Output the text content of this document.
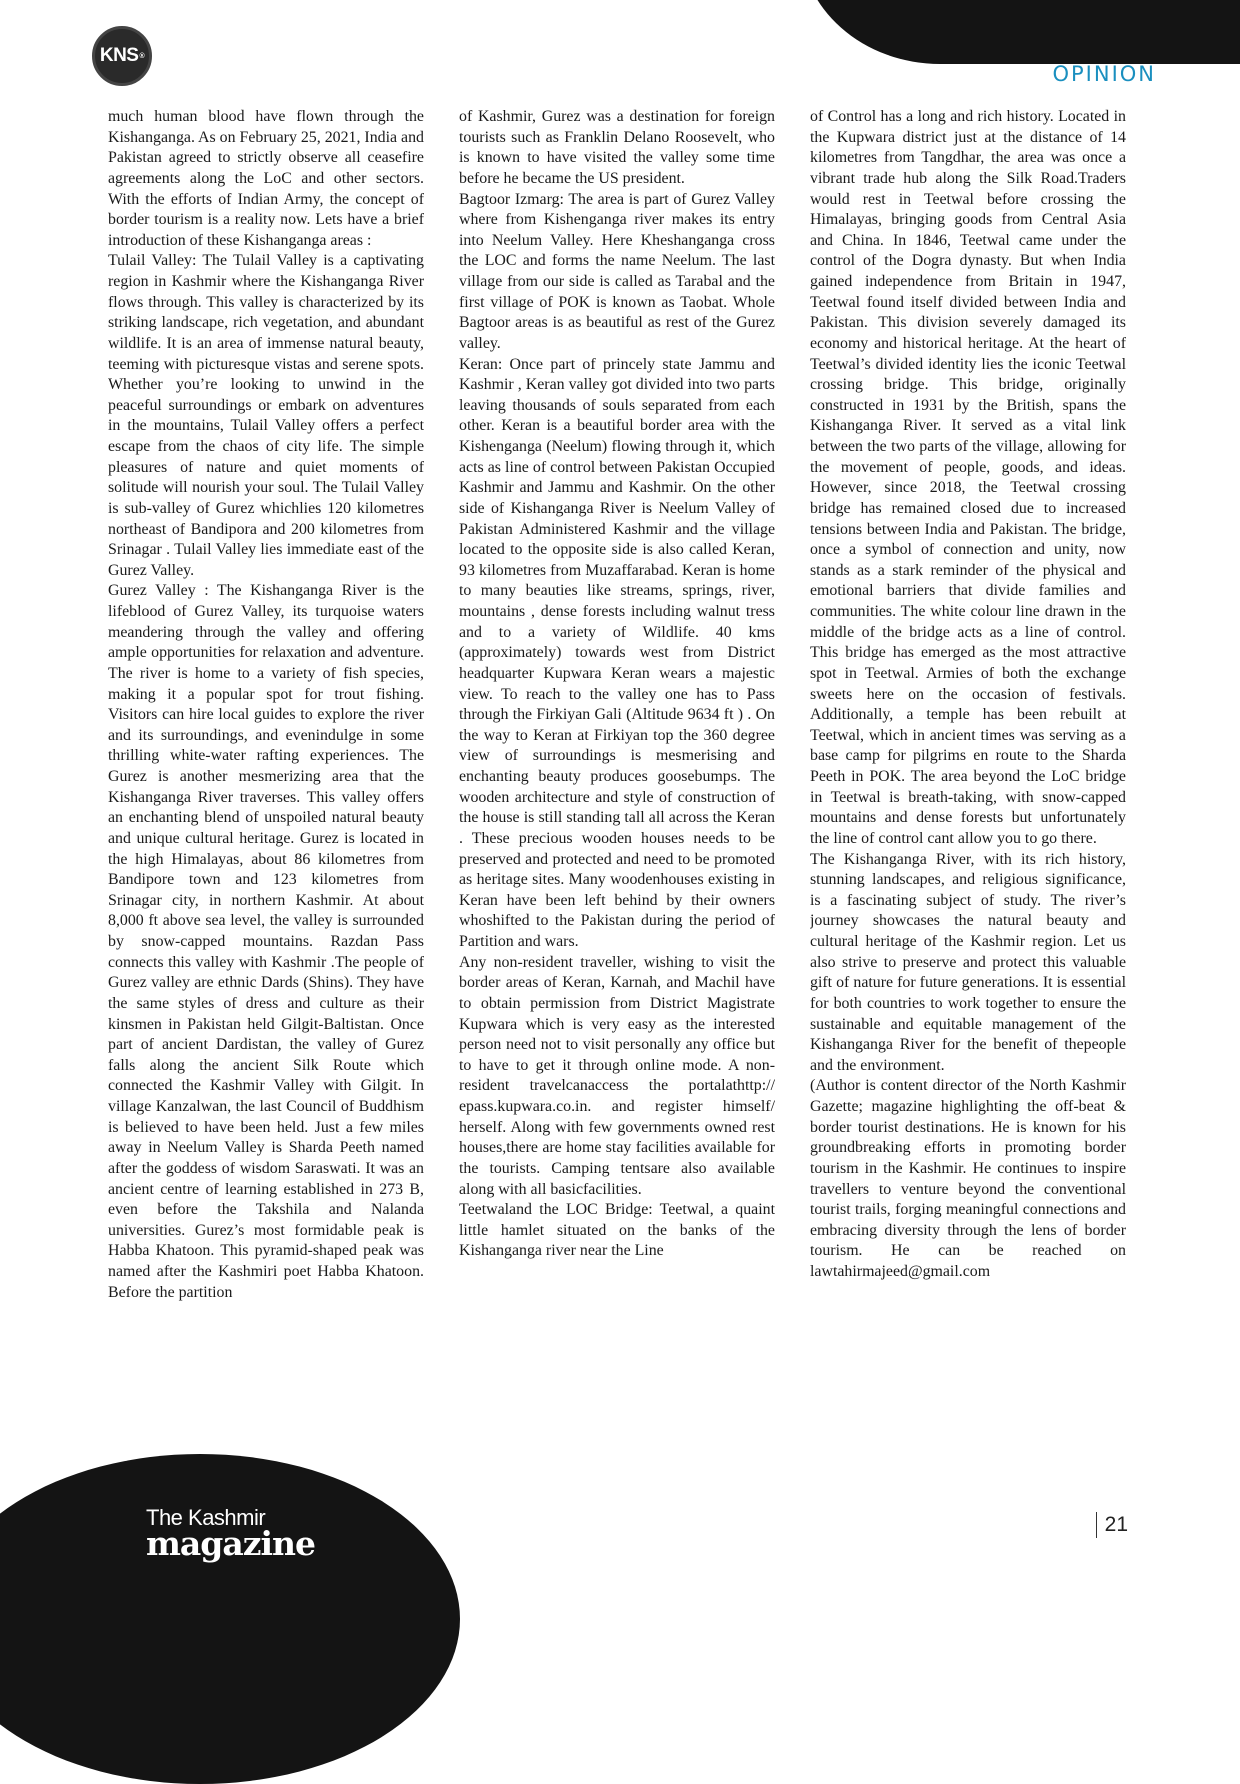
KNS ®
OPINION

much human blood have flown through the Kishanganga. As on February 25, 2021, India and Pakistan agreed to strictly observe all ceasefire agreements along the LoC and other sectors. With the efforts of Indian Army, the concept of border tourism is a reality now. Lets have a brief introduction of these Kishanganga areas :

Tulail Valley: The Tulail Valley is a captivating region in Kashmir where the Kishanganga River flows through. This valley is characterized by its striking landscape, rich vegetation, and abundant wildlife. It is an area of immense natural beauty, teeming with picturesque vistas and serene spots. Whether you’re looking to unwind in the peaceful surroundings or embark on adventures in the mountains, Tulail Valley offers a perfect escape from the chaos of city life. The simple pleasures of nature and quiet moments of solitude will nourish your soul. The Tulail Valley is sub-valley of Gurez whichlies 120 kilometres northeast of Bandipora and 200 kilometres from Srinagar . Tulail Valley lies immediate east of the Gurez Valley.

Gurez Valley : The Kishanganga River is the lifeblood of Gurez Valley, its turquoise waters meandering through the valley and offering ample opportunities for relaxation and adventure. The river is home to a variety of fish species, making it a popular spot for trout fishing. Visitors can hire local guides to explore the river and its surroundings, and evenindulge in some thrilling white-water rafting experiences. The Gurez is another mesmerizing area that the Kishanganga River traverses. This valley offers an enchanting blend of unspoiled natural beauty and unique cultural heritage. Gurez is located in the high Himalayas, about 86 kilometres from Bandipore town and 123 kilometres from Srinagar city, in northern Kashmir. At about 8,000 ft above sea level, the valley is surrounded by snow-capped mountains. Razdan Pass connects this valley with Kashmir .The people of Gurez valley are ethnic Dards (Shins). They have the same styles of dress and culture as their kinsmen in Pakistan held Gilgit-Baltistan. Once part of ancient Dardistan, the valley of Gurez falls along the ancient Silk Route which connected the Kashmir Valley with Gilgit. In village Kanzalwan, the last Council of Buddhism is believed to have been held. Just a few miles away in Neelum Valley is Sharda Peeth named after the goddess of wisdom Saraswati. It was an ancient centre of learning established in 273 B, even before the Takshila and Nalanda universities. Gurez’s most formidable peak is Habba Khatoon. This pyramid-shaped peak was named after the Kashmiri poet Habba Khatoon. Before the partition

of Kashmir, Gurez was a destination for foreign tourists such as Franklin Delano Roosevelt, who is known to have visited the valley some time before he became the US president.

Bagtoor Izmarg: The area is part of Gurez Valley where from Kishenganga river makes its entry into Neelum Valley. Here Kheshanganga cross the LOC and forms the name Neelum. The last village from our side is called as Tarabal and the first village of POK is known as Taobat. Whole Bagtoor areas is as beautiful as rest of the Gurez valley.

Keran: Once part of princely state Jammu and Kashmir , Keran valley got divided into two parts leaving thousands of souls separated from each other. Keran is a beautiful border area with the Kishenganga (Neelum) flowing through it, which acts as line of control between Pakistan Occupied Kashmir and Jammu and Kashmir. On the other side of Kishanganga River is Neelum Valley of Pakistan Administered Kashmir and the village located to the opposite side is also called Keran, 93 kilometres from Muzaffarabad. Keran is home to many beauties like streams, springs, river, mountains , dense forests including walnut tress and to a variety of Wildlife. 40 kms (approximately) towards west from District headquarter Kupwara Keran wears a majestic view. To reach to the valley one has to Pass through the Firkiyan Gali (Altitude 9634 ft ) . On the way to Keran at Firkiyan top the 360 degree view of surroundings is mesmerising and enchanting beauty produces goosebumps. The wooden architecture and style of construction of the house is still standing tall all across the Keran . These precious wooden houses needs to be preserved and protected and need to be promoted as heritage sites. Many woodenhouses existing in Keran have been left behind by their owners whoshifted to the Pakistan during the period of Partition and wars.

Any non-resident traveller, wishing to visit the border areas of Keran, Karnah, and Machil have to obtain permission from District Magistrate Kupwara which is very easy as the interested person need not to visit personally any office but to have to get it through online mode. A non-resident travelcanaccess the portalathttp:// epass.kupwara.co.in. and register himself/ herself. Along with few governments owned rest houses,there are home stay facilities available for the tourists. Camping tentsare also available along with all basicfacilities.

Teetwaland the LOC Bridge: Teetwal, a quaint little hamlet situated on the banks of the Kishanganga river near the Line

of Control has a long and rich history. Located in the Kupwara district just at the distance of 14 kilometres from Tangdhar, the area was once a vibrant trade hub along the Silk Road.Traders would rest in Teetwal before crossing the Himalayas, bringing goods from Central Asia and China. In 1846, Teetwal came under the control of the Dogra dynasty. But when India gained independence from Britain in 1947, Teetwal found itself divided between India and Pakistan. This division severely damaged its economy and historical heritage. At the heart of Teetwal’s divided identity lies the iconic Teetwal crossing bridge. This bridge, originally constructed in 1931 by the British, spans the Kishanganga River. It served as a vital link between the two parts of the village, allowing for the movement of people, goods, and ideas. However, since 2018, the Teetwal crossing bridge has remained closed due to increased tensions between India and Pakistan. The bridge, once a symbol of connection and unity, now stands as a stark reminder of the physical and emotional barriers that divide families and communities. The white colour line drawn in the middle of the bridge acts as a line of control. This bridge has emerged as the most attractive spot in Teetwal. Armies of both the exchange sweets here on the occasion of festivals. Additionally, a temple has been rebuilt at Teetwal, which in ancient times was serving as a base camp for pilgrims en route to the Sharda Peeth in POK. The area beyond the LoC bridge in Teetwal is breath-taking, with snow-capped mountains and dense forests but unfortunately the line of control cant allow you to go there.

The Kishanganga River, with its rich history, stunning landscapes, and religious significance, is a fascinating subject of study. The river’s journey showcases the natural beauty and cultural heritage of the Kashmir region. Let us also strive to preserve and protect this valuable gift of nature for future generations. It is essential for both countries to work together to ensure the sustainable and equitable management of the Kishanganga River for the benefit of thepeople and the environment.

(Author is content director of the North Kashmir Gazette; magazine highlighting the off-beat & border tourist destinations. He is known for his groundbreaking efforts in promoting border tourism in the Kashmir. He continues to inspire travellers to venture beyond the conventional tourist trails, forging meaningful connections and embracing diversity through the lens of border tourism. He can be reached on lawtahirmajeed@gmail.com

The Kashmir
magazine	21
